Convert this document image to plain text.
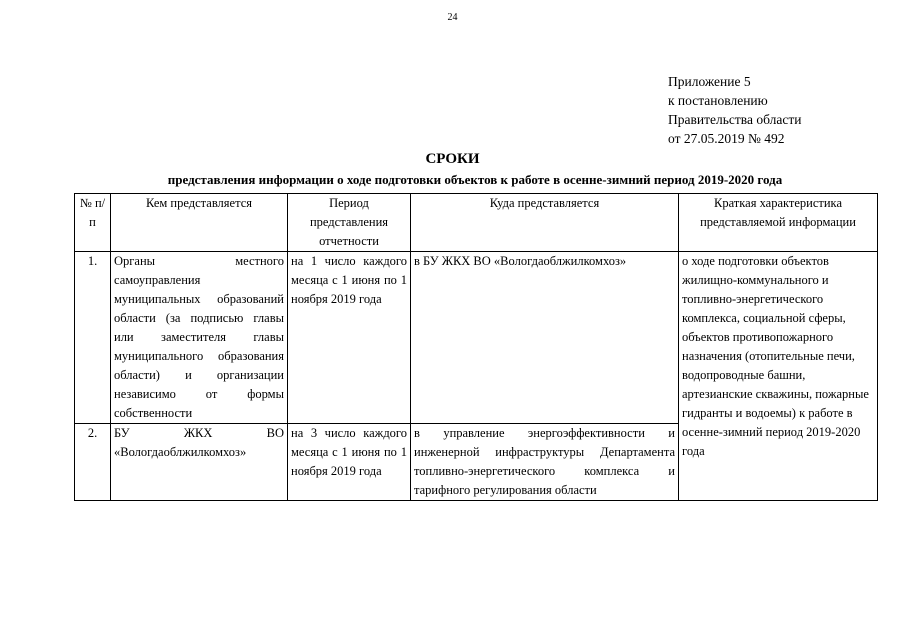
24
Приложение 5
к постановлению
Правительства области
от 27.05.2019 № 492
СРОКИ
представления информации о ходе подготовки объектов к работе в осенне-зимний период 2019-2020 года
№ п/п	Кем представляется	Период представления отчетности	Куда представляется	Краткая характеристика представляемой информации
1.	Органы местного самоуправления муниципальных образований области (за подписью главы или заместителя главы муниципального образования области) и организации независимо от формы собственности	на 1 число каждого месяца с 1 июня по 1 ноября 2019 года	в БУ ЖКХ ВО «Вологдаоблжилкомхоз»	о ходе подготовки объектов жилищно-коммунального и топливно-энергетического комплекса, социальной сферы, объектов противопожарного назначения (отопительные печи, водопроводные башни, артезианские скважины, пожарные гидранты и водоемы) к работе в осенне-зимний период 2019-2020 года
2.	БУ ЖКХ ВО «Вологдаоблжилкомхоз»	на 3 число каждого месяца с 1 июня по 1 ноября 2019 года	в управление энергоэффективности и инженерной инфраструктуры Департамента топливно-энергетического комплекса и тарифного регулирования области	
